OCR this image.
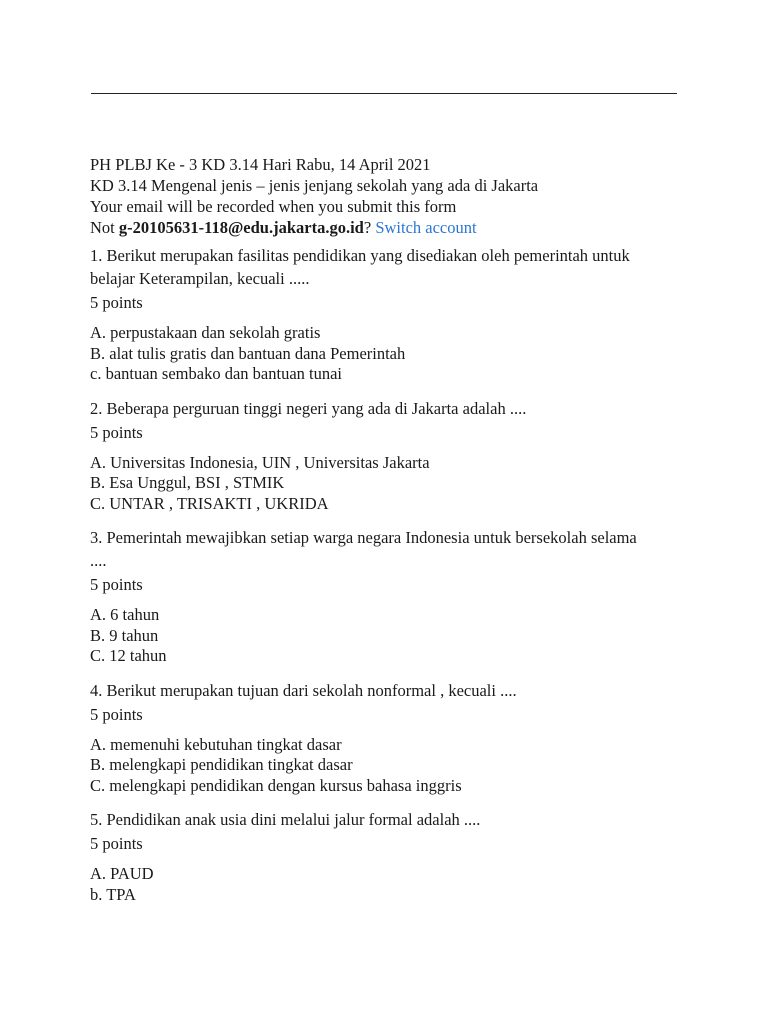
PH PLBJ Ke - 3 KD 3.14 Hari Rabu, 14 April 2021
KD 3.14 Mengenal jenis – jenis jenjang sekolah yang ada di Jakarta
Your email will be recorded when you submit this form
Not g-20105631-118@edu.jakarta.go.id? Switch account
1. Berikut merupakan fasilitas pendidikan yang disediakan oleh pemerintah untuk belajar Keterampilan, kecuali .....
5 points
A. perpustakaan dan sekolah gratis
B. alat tulis gratis dan bantuan dana Pemerintah
c. bantuan sembako dan bantuan tunai
2. Beberapa perguruan tinggi negeri yang ada di Jakarta adalah ....
5 points
A. Universitas Indonesia, UIN , Universitas Jakarta
B. Esa Unggul, BSI , STMIK
C. UNTAR , TRISAKTI , UKRIDA
3. Pemerintah mewajibkan setiap warga negara Indonesia untuk bersekolah selama ....
5 points
A. 6 tahun
B. 9 tahun
C. 12 tahun
4. Berikut merupakan tujuan dari sekolah nonformal , kecuali ....
5 points
A. memenuhi kebutuhan tingkat dasar
B. melengkapi pendidikan tingkat dasar
C. melengkapi pendidikan dengan kursus bahasa inggris
5. Pendidikan anak usia dini melalui jalur formal adalah ....
5 points
A. PAUD
b. TPA
